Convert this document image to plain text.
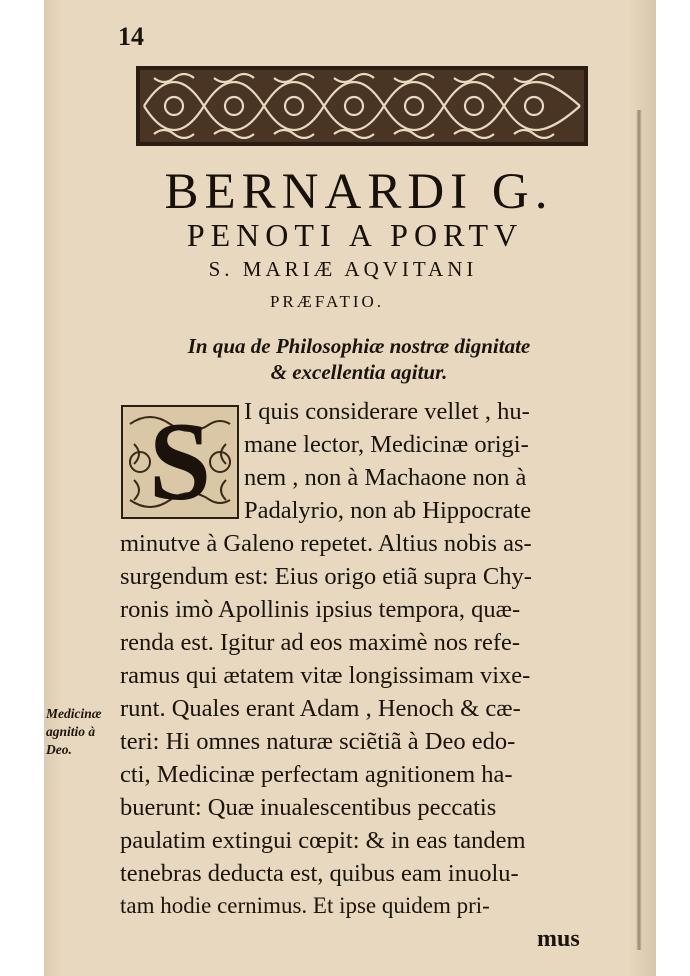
14
BERNARDI G.
PENOTI A PORTV
S. MARIÆ AQVITANI
PRÆFATIO.
In qua de Philosophiæ nostræ dignitate
& excellentia agitur.
S	I quis considerare vellet , hu-
mane lector, Medicinæ origi-
nem , non à Machaone non à
Padalyrio, non ab Hippocrate
minutve à Galeno repetet. Altius nobis as-
surgendum est: Eius origo etiã supra Chy-
ronis imò Apollinis ipsius tempora, quæ-
renda est. Igitur ad eos maximè nos refe-
ramus qui ætatem vitæ longissimam vixe-
runt. Quales erant Adam , Henoch & cæ-
teri: Hi omnes naturæ sciẽtiã à Deo edo-
cti, Medicinæ perfectam agnitionem ha-
buerunt: Quæ inualescentibus peccatis
paulatim extingui cœpit: & in eas tandem
tenebras deducta est, quibus eam inuolu-
tam hodie cernimus. Et ipse quidem pri-
mus
Medicinæ
agnitio à
Deo.
